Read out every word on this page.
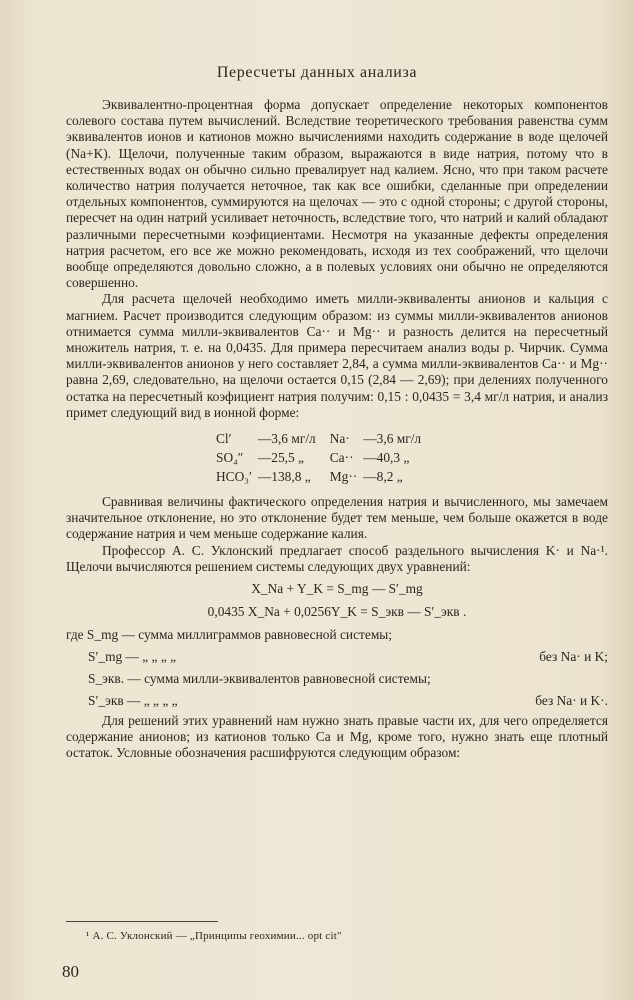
Пересчеты данных анализа

Эквивалентно-процентная форма допускает определение некоторых компонентов солевого состава путем вычислений. Вследствие теоретического требования равенства сумм эквивалентов ионов и катионов можно вычислениями находить содержание в воде щелочей (Na+K). Щелочи, полученные таким образом, выражаются в виде натрия, потому что в естественных водах он обычно сильно превалирует над калием. Ясно, что при таком расчете количество натрия получается неточное, так как все ошибки, сделанные при определении отдельных компонентов, суммируются на щелочах — это с одной стороны; с другой стороны, пересчет на один натрий усиливает неточность, вследствие того, что натрий и калий обладают различными пересчетными коэфициентами. Несмотря на указанные дефекты определения натрия расчетом, его все же можно рекомендовать, исходя из тех соображений, что щелочи вообще определяются довольно сложно, а в полевых условиях они обычно не определяются совершенно.

Для расчета щелочей необходимо иметь милли-эквиваленты анионов и кальция с магнием. Расчет производится следующим образом: из суммы милли-эквивалентов анионов отнимается сумма милли-эквивалентов Ca·· и Mg·· и разность делится на пересчетный множитель натрия, т. е. на 0,0435. Для примера пересчитаем анализ воды р. Чирчик. Сумма милли-эквивалентов анионов у него составляет 2,84, а сумма милли-эквивалентов Ca·· и Mg·· равна 2,69, следовательно, на щелочи остается 0,15 (2,84 — 2,69); при делениях полученного остатка на пересчетный коэфициент натрия получим: 0,15 : 0,0435 = 3,4 мг/л натрия, и анализ примет следующий вид в ионной форме:

Cl′	—3,6 мг/л	Na·	—3,6 мг/л
SO₄″	—25,5 „	Ca··	—40,3 „
HCO₃′	—138,8 „	Mg··	—8,2 „

Сравнивая величины фактического определения натрия и вычисленного, мы замечаем значительное отклонение, но это отклонение будет тем меньше, чем больше окажется в воде содержание натрия и чем меньше содержание калия.

Профессор А. С. Уклонский предлагает способ раздельного вычисления K· и Na·¹. Щелочи вычисляются решением системы следующих двух уравнений:

X_Na + Y_K = S_mg — S′_mg
0,0435 X_Na + 0,0256Y_K = S_экв — S′_экв .
где S_mg — сумма миллиграммов равновесной системы;
S′_mg — „ „ „ „	без Na· и K;
S_экв. — сумма милли-эквивалентов равновесной системы;
S′_экв — „ „ „ „	без Na· и K·.

Для решений этих уравнений нам нужно знать правые части их, для чего определяется содержание анионов; из катионов только Ca и Mg, кроме того, нужно знать еще плотный остаток. Условные обозначения расшифруются следующим образом:

¹ А. С. Уклонский — „Принципы геохимии... opt cit"
80
